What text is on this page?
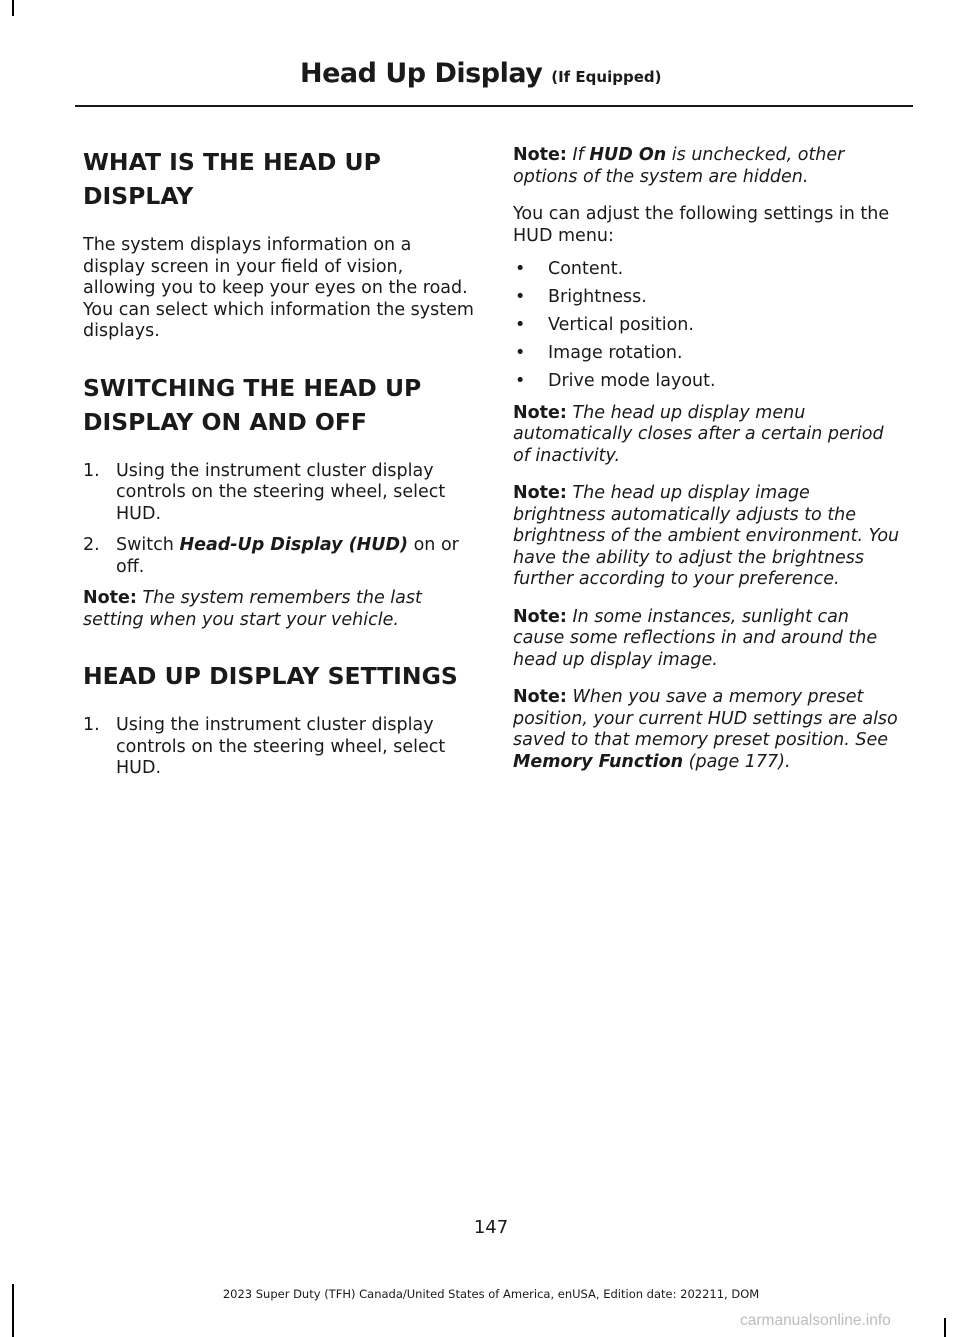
Head Up Display (If Equipped)
WHAT IS THE HEAD UP DISPLAY

The system displays information on a display screen in your field of vision, allowing you to keep your eyes on the road. You can select which information the system displays.

SWITCHING THE HEAD UP DISPLAY ON AND OFF
1. Using the instrument cluster display controls on the steering wheel, select HUD.
2. Switch Head-Up Display (HUD) on or off.

Note: The system remembers the last setting when you start your vehicle.

HEAD UP DISPLAY SETTINGS
1. Using the instrument cluster display controls on the steering wheel, select HUD.

Note: If HUD On is unchecked, other options of the system are hidden.

You can adjust the following settings in the HUD menu:

• Content.
• Brightness.
• Vertical position.
• Image rotation.
• Drive mode layout.

Note: The head up display menu automatically closes after a certain period of inactivity.

Note: The head up display image brightness automatically adjusts to the brightness of the ambient environment. You have the ability to adjust the brightness further according to your preference.

Note: In some instances, sunlight can cause some reflections in and around the head up display image.

Note: When you save a memory preset position, your current HUD settings are also saved to that memory preset position. See Memory Function (page 177).

147
2023 Super Duty (TFH) Canada/United States of America, enUSA, Edition date: 202211, DOM
carmanualsonline.info
